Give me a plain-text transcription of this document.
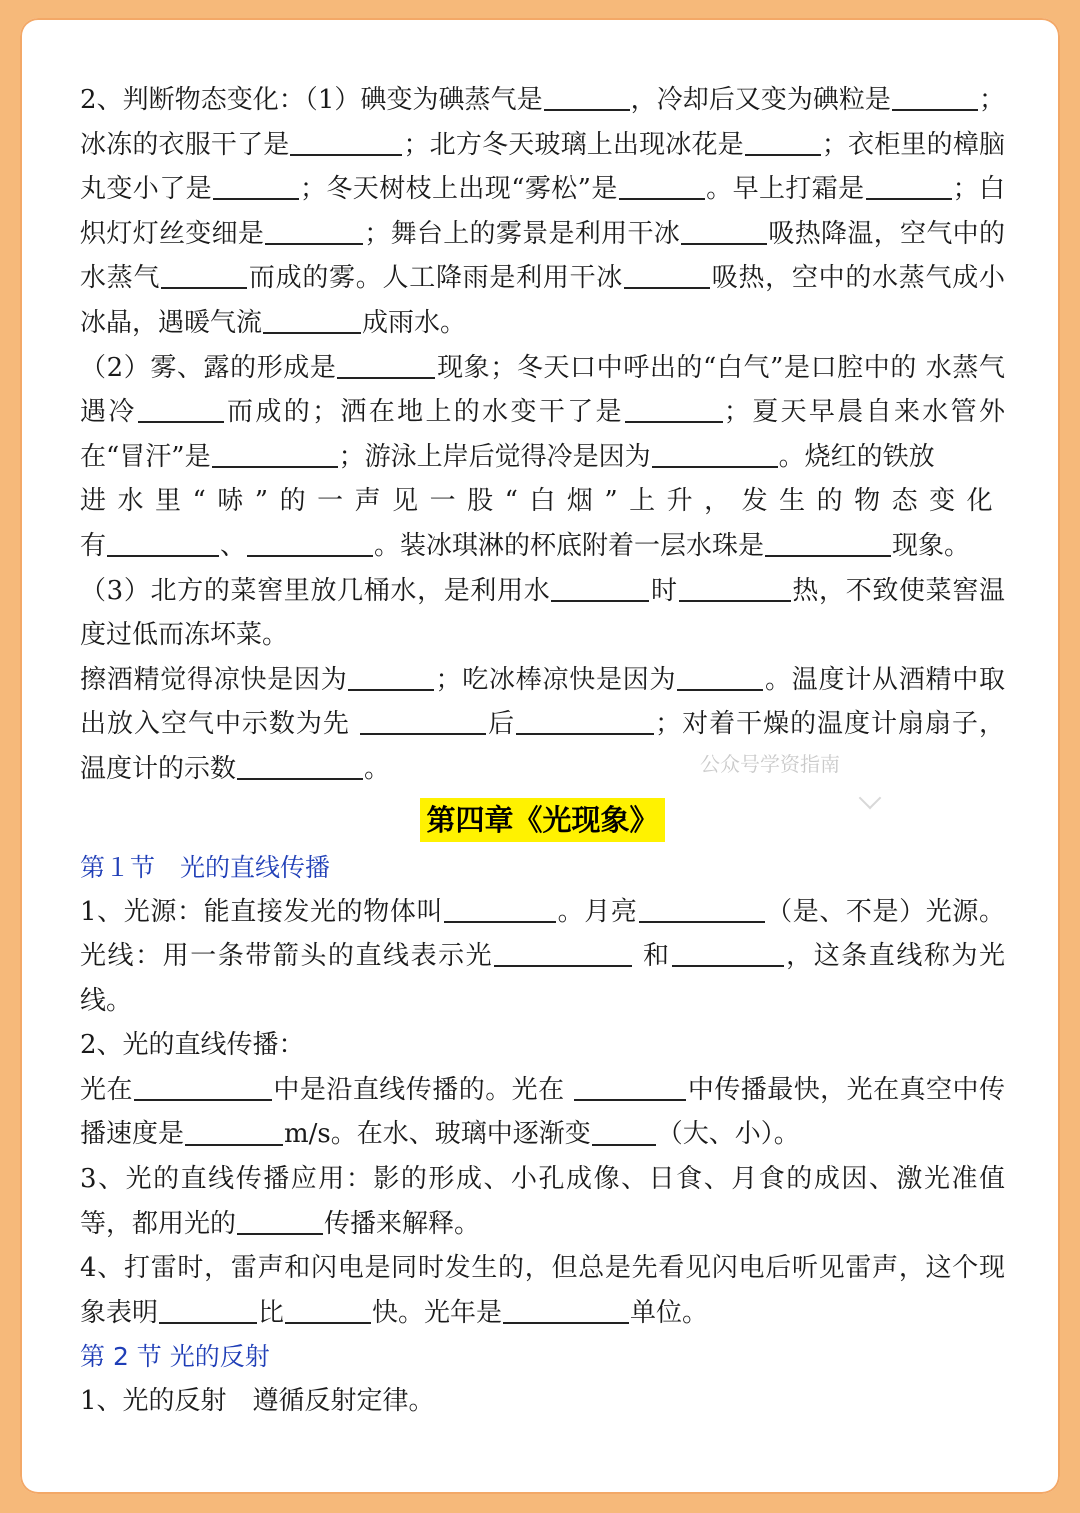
2、判断物态变化：（1）碘变为碘蒸气是	，冷却后又变为碘粒是	；冰冻的衣服干了是	；北方冬天玻璃上出现冰花是	；衣柜里的樟脑丸变小了是	；冬天树枝上出现“雾松”是	。早上打霜是	；白炽灯灯丝变细是	；舞台上的雾景是利用干冰	吸热降温，空气中的水蒸气	而成的雾。人工降雨是利用干冰	吸热，空中的水蒸气成小冰晶，遇暖气流	成雨水。

（2）雾、露的形成是	现象；冬天口中呼出的“白气”是口腔中的 水蒸气 遇冷	而成的；洒在地上的水变干了是	；夏天早晨自来水管外在“冒汗”是	；游泳上岸后觉得冷是因为	。烧红的铁放
进水里“哧”的一声见一股“白烟”上升，发生的物态变化
有	、	。装冰琪淋的杯底附着一层水珠是	现象。

（3）北方的菜窖里放几桶水，是利用水	时	热，不致使菜窖温度过低而冻坏菜。

擦酒精觉得凉快是因为	；吃冰棒凉快是因为	。温度计从酒精中取出放入空气中示数为先	后	；对着干燥的温度计扇扇子，温度计的示数	。

第四章《光现象》

第１节　光的直线传播

1、光源：能直接发光的物体叫	。月亮	（是、不是）光源。光线：用一条带箭头的直线表示光	和	，这条直线称为光线。

2、光的直线传播：

光在	中是沿直线传播的。光在	中传播最快，光在真空中传播速度是	m/s。在水、玻璃中逐渐变	（大、小）。

3、光的直线传播应用：影的形成、小孔成像、日食、月食的成因、激光准值等，都用光的	传播来解释。

4、打雷时，雷声和闪电是同时发生的，但总是先看见闪电后听见雷声，这个现象表明	比	快。光年是	单位。

第 2 节 光的反射

1、光的反射　遵循反射定律。

公众号学资指南
